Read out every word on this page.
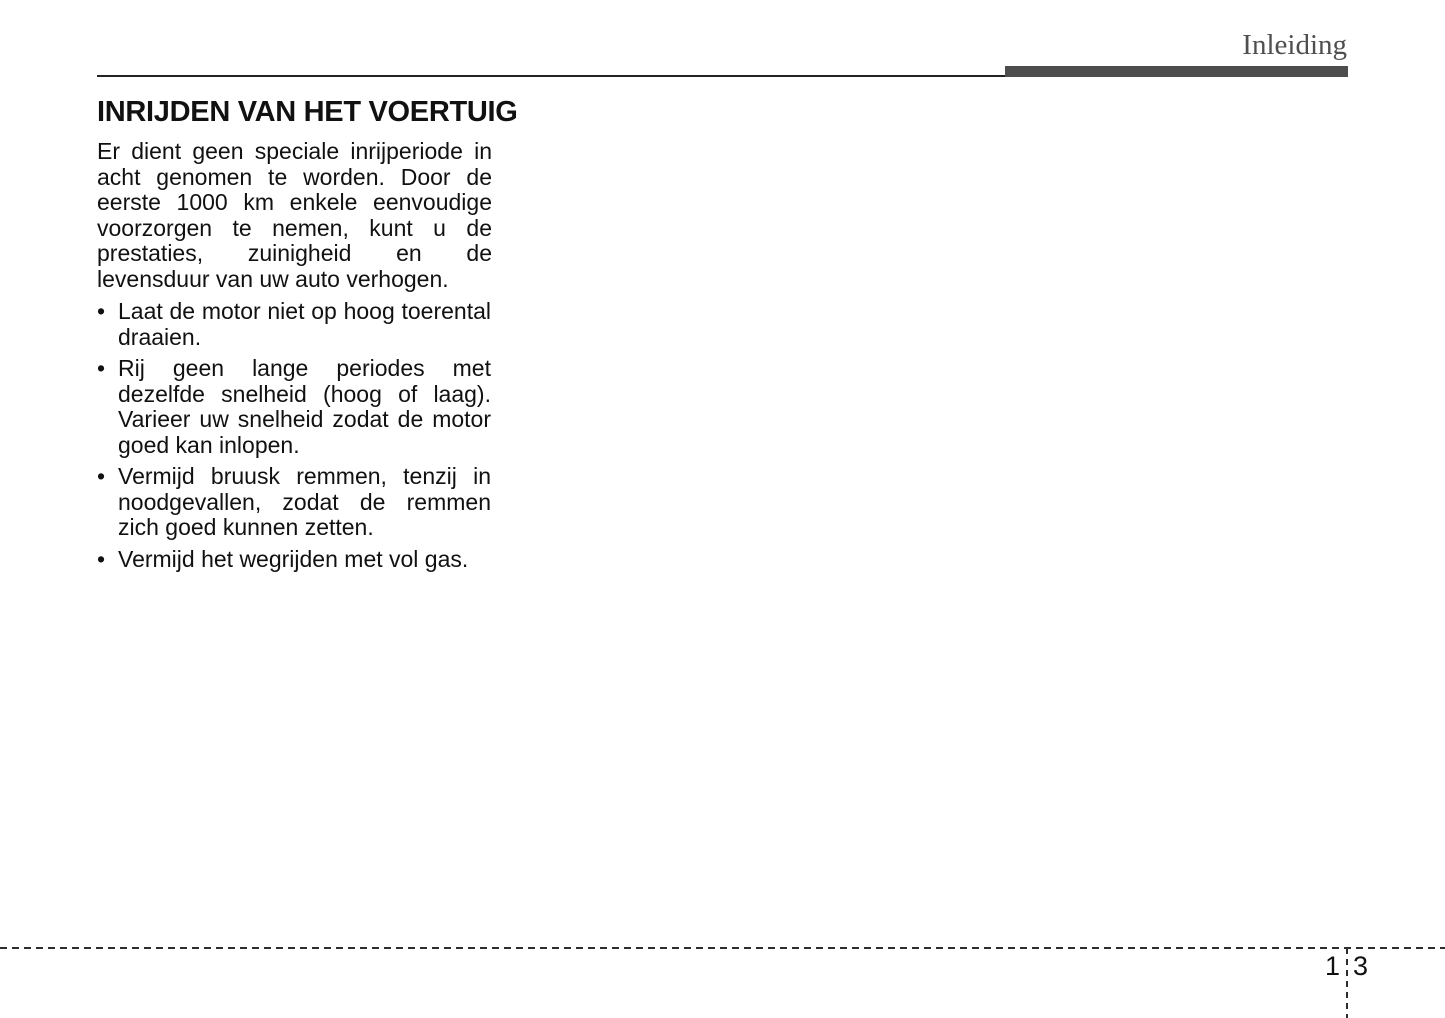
Inleiding
INRIJDEN VAN HET VOERTUIG

Er dient geen speciale inrijperiode in acht genomen te worden. Door de eerste 1000 km enkele eenvoudige voorzorgen te nemen, kunt u de prestaties, zuinigheid en de levensduur van uw auto verhogen.

• Laat de motor niet op hoog toerental draaien.
• Rij geen lange periodes met dezelfde snelheid (hoog of laag). Varieer uw snelheid zodat de motor goed kan inlopen.
• Vermijd bruusk remmen, tenzij in noodgevallen, zodat de remmen zich goed kunnen zetten.
• Vermijd het wegrijden met vol gas.
1 3
